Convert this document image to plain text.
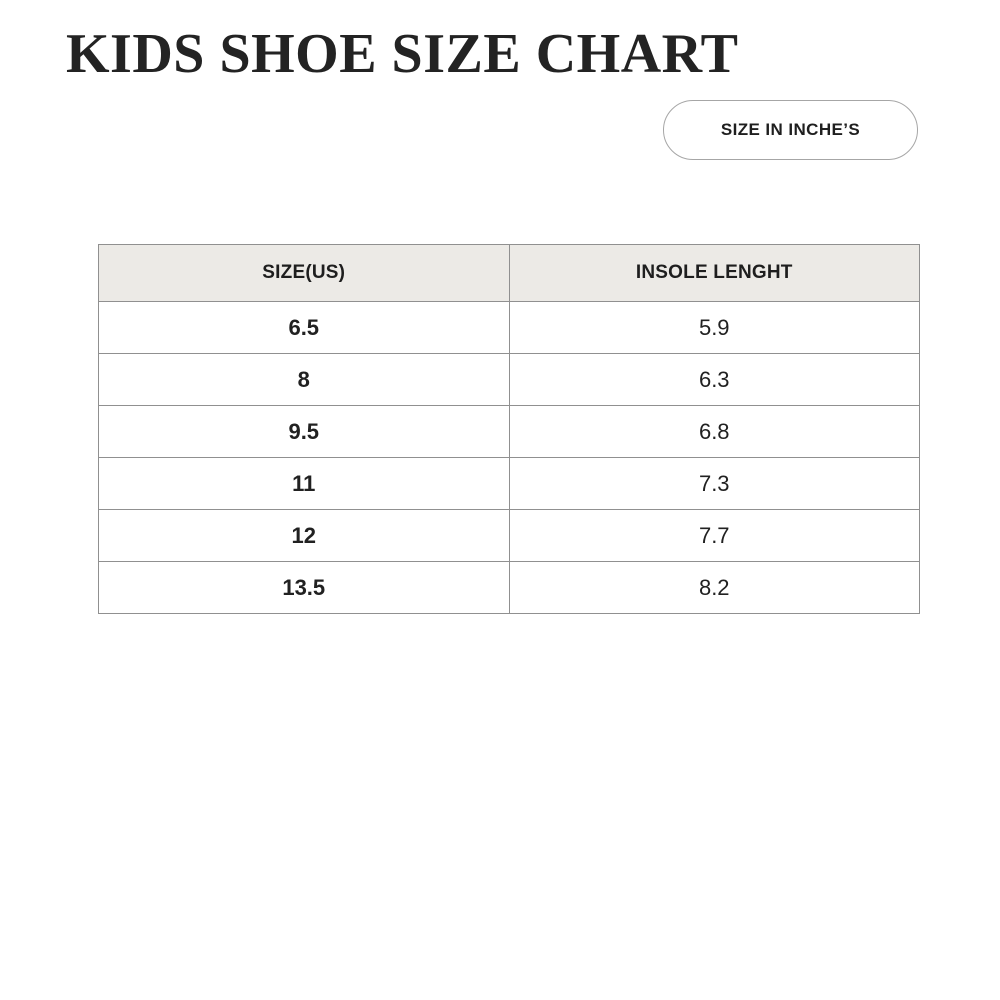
KIDS SHOE SIZE CHART
SIZE IN INCHE’S
SIZE(US)	INSOLE LENGHT
6.5	5.9
8	6.3
9.5	6.8
11	7.3
12	7.7
13.5	8.2
